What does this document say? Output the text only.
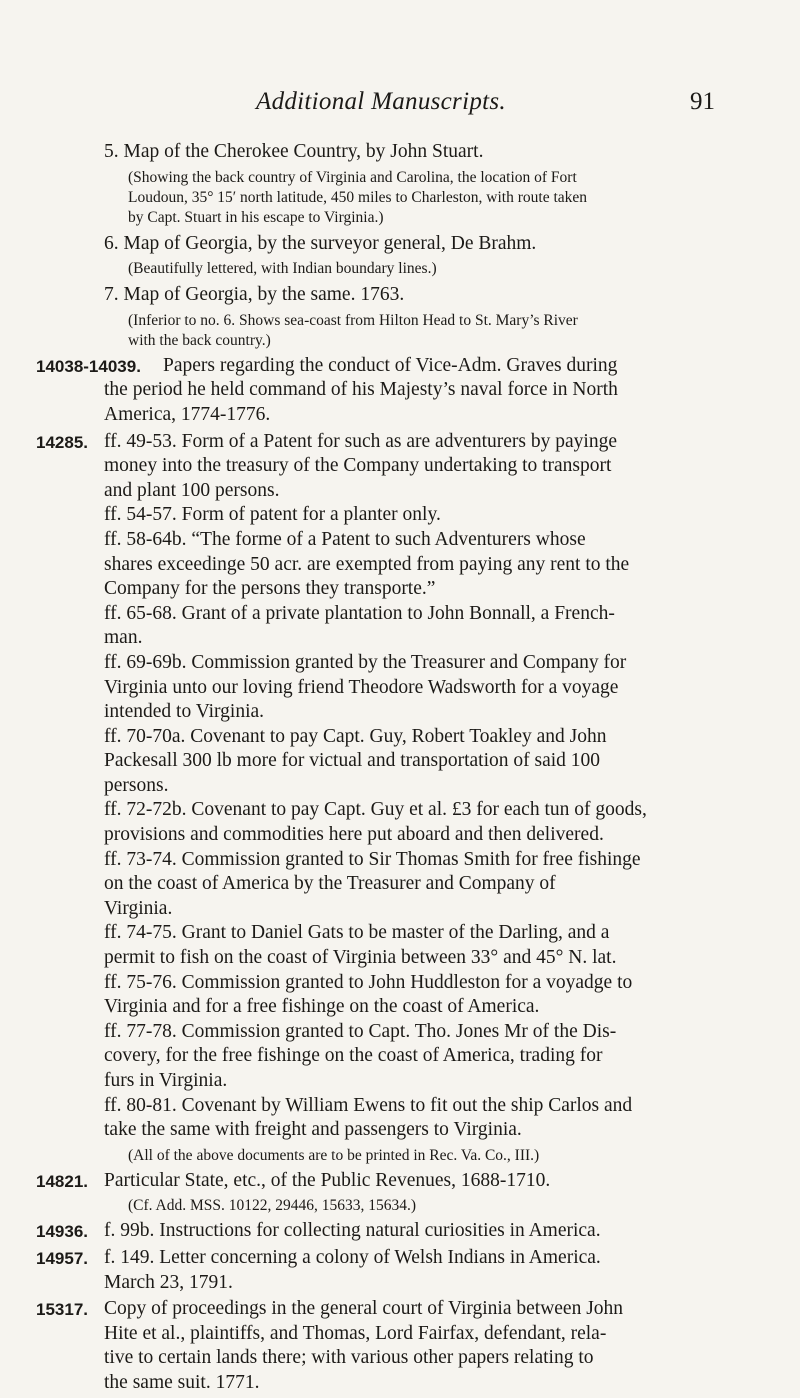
Additional Manuscripts.	91
5. Map of the Cherokee Country, by John Stuart.
(Showing the back country of Virginia and Carolina, the location of Fort
Loudoun, 35° 15′ north latitude, 450 miles to Charleston, with route taken
by Capt. Stuart in his escape to Virginia.)
6. Map of Georgia, by the surveyor general, De Brahm.
(Beautifully lettered, with Indian boundary lines.)
7. Map of Georgia, by the same. 1763.
(Inferior to no. 6. Shows sea-coast from Hilton Head to St. Mary’s River
with the back country.)
14038-14039. Papers regarding the conduct of Vice-Adm. Graves during
the period he held command of his Majesty’s naval force in North
America, 1774-1776.
14285. ff. 49-53. Form of a Patent for such as are adventurers by payinge
money into the treasury of the Company undertaking to transport
and plant 100 persons.
ff. 54-57. Form of patent for a planter only.
ff. 58-64b. “The forme of a Patent to such Adventurers whose
shares exceedinge 50 acr. are exempted from paying any rent to the
Company for the persons they transporte.”
ff. 65-68. Grant of a private plantation to John Bonnall, a French-
man.
ff. 69-69b. Commission granted by the Treasurer and Company for
Virginia unto our loving friend Theodore Wadsworth for a voyage
intended to Virginia.
ff. 70-70a. Covenant to pay Capt. Guy, Robert Toakley and John
Packesall 300 lb more for victual and transportation of said 100
persons.
ff. 72-72b. Covenant to pay Capt. Guy et al. £3 for each tun of goods,
provisions and commodities here put aboard and then delivered.
ff. 73-74. Commission granted to Sir Thomas Smith for free fishinge
on the coast of America by the Treasurer and Company of
Virginia.
ff. 74-75. Grant to Daniel Gats to be master of the Darling, and a
permit to fish on the coast of Virginia between 33° and 45° N. lat.
ff. 75-76. Commission granted to John Huddleston for a voyadge to
Virginia and for a free fishinge on the coast of America.
ff. 77-78. Commission granted to Capt. Tho. Jones Mr of the Dis-
covery, for the free fishinge on the coast of America, trading for
furs in Virginia.
ff. 80-81. Covenant by William Ewens to fit out the ship Carlos and
take the same with freight and passengers to Virginia.
(All of the above documents are to be printed in Rec. Va. Co., III.)
14821. Particular State, etc., of the Public Revenues, 1688-1710.
(Cf. Add. MSS. 10122, 29446, 15633, 15634.)
14936. f. 99b. Instructions for collecting natural curiosities in America.
14957. f. 149. Letter concerning a colony of Welsh Indians in America.
March 23, 1791.
15317. Copy of proceedings in the general court of Virginia between John
Hite et al., plaintiffs, and Thomas, Lord Fairfax, defendant, rela-
tive to certain lands there; with various other papers relating to
the same suit. 1771.
